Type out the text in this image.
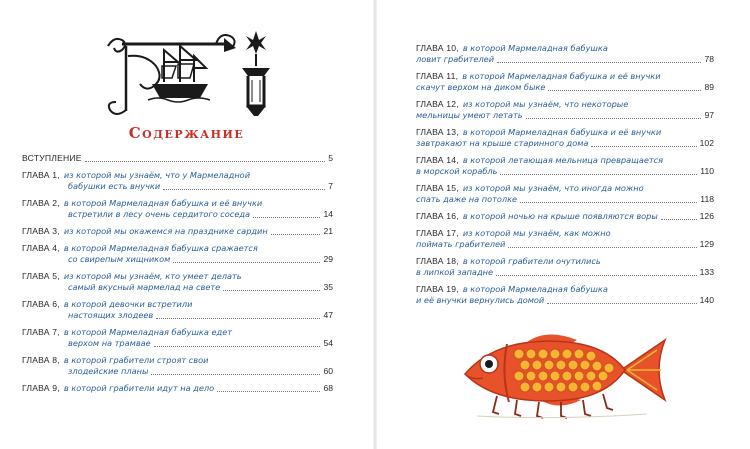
Содержание
ВСТУПЛЕНИЕ	5
ГЛАВА 1, из которой мы узнаём, что у Мармеладной
бабушки есть внучки	7
ГЛАВА 2, в которой Мармеладная бабушка и её внучки
встретили в лесу очень сердитого соседа	14
ГЛАВА 3, из которой мы окажемся на празднике сардин	21
ГЛАВА 4, в которой Мармеладная бабушка сражается
со свирепым хищником	29
ГЛАВА 5, из которой мы узнаём, кто умеет делать
самый вкусный мармелад на свете	35
ГЛАВА 6, в которой девочки встретили
настоящих злодеев	47
ГЛАВА 7, в которой Мармеладная бабушка едет
верхом на трамвае	54
ГЛАВА 8, в которой грабители строят свои
злодейские планы	60
ГЛАВА 9, в которой грабители идут на дело	68
ГЛАВА 10, в которой Мармеладная бабушка
ловит грабителей	78
ГЛАВА 11, в которой Мармеладная бабушка и её внучки
скачут верхом на диком быке	89
ГЛАВА 12, из которой мы узнаём, что некоторые
мельницы умеют летать	97
ГЛАВА 13, в которой Мармеладная бабушка и её внучки
завтракают на крыше старинного дома	102
ГЛАВА 14, в которой летающая мельница превращается
в морской корабль	110
ГЛАВА 15, из которой мы узнаём, что иногда можно
спать даже на потолке	118
ГЛАВА 16, в которой ночью на крыше появляются воры	126
ГЛАВА 17, из которой мы узнаём, как можно
поймать грабителей	129
ГЛАВА 18, в которой грабители очутились
в липкой западне	133
ГЛАВА 19, в которой Мармеладная бабушка
и её внучки вернулись домой	140
